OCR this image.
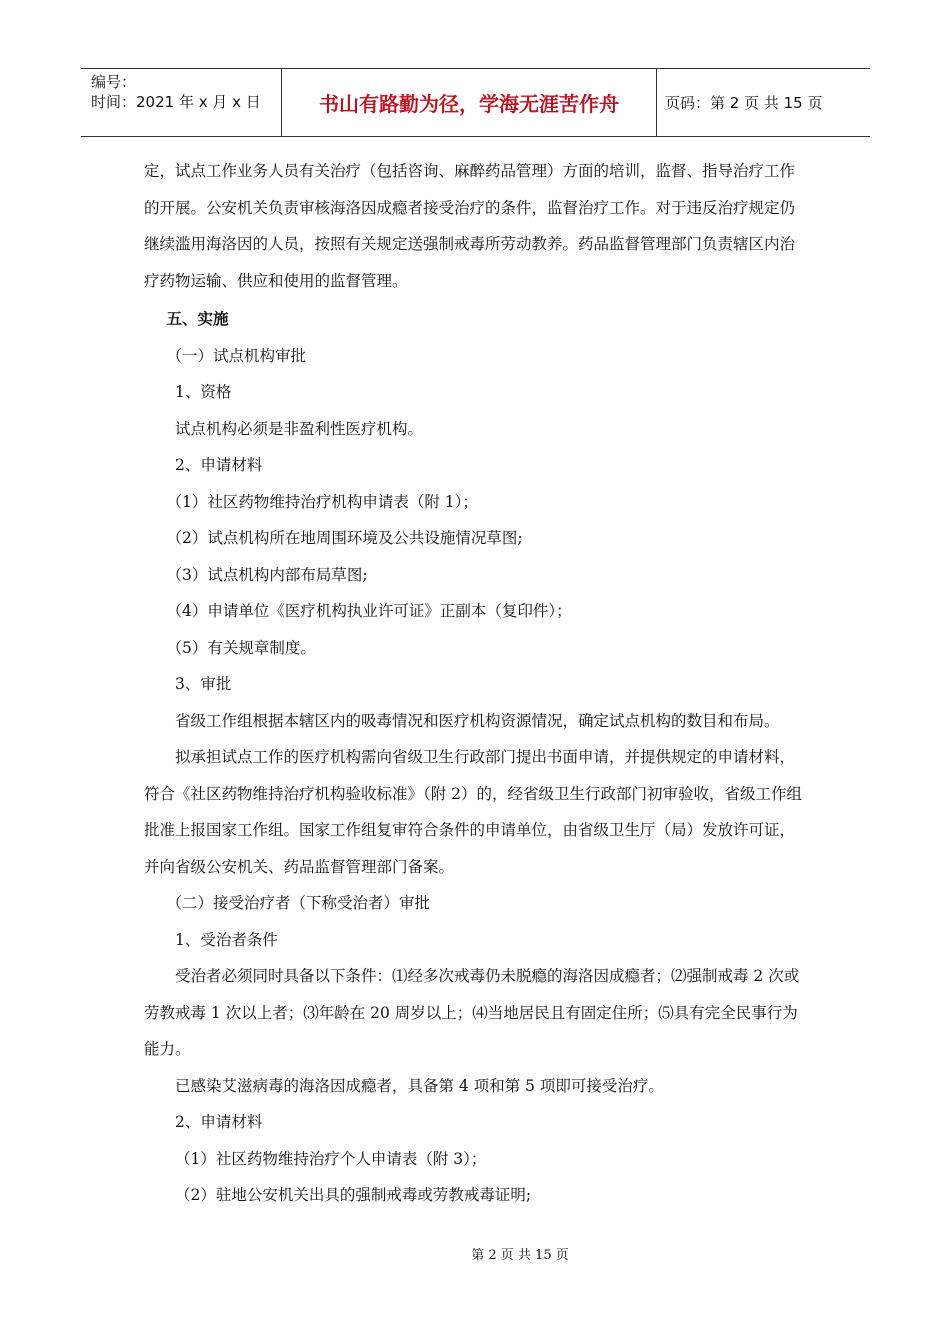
编号：
时间：2021 年 x 月 x 日	书山有路勤为径，学海无涯苦作舟	页码：第 2 页 共 15 页

定，试点工作业务人员有关治疗（包括咨询、麻醉药品管理）方面的培训，监督、指导治疗工作的开展。公安机关负责审核海洛因成瘾者接受治疗的条件，监督治疗工作。对于违反治疗规定仍继续滥用海洛因的人员，按照有关规定送强制戒毒所劳动教养。药品监督管理部门负责辖区内治疗药物运输、供应和使用的监督管理。

五、实施

（一）试点机构审批

1、资格

试点机构必须是非盈利性医疗机构。

2、申请材料

（1）社区药物维持治疗机构申请表（附 1）；

（2）试点机构所在地周围环境及公共设施情况草图;

（3）试点机构内部布局草图;

（4）申请单位《医疗机构执业许可证》正副本（复印件）；

（5）有关规章制度。

3、审批

省级工作组根据本辖区内的吸毒情况和医疗机构资源情况，确定试点机构的数目和布局。

拟承担试点工作的医疗机构需向省级卫生行政部门提出书面申请，并提供规定的申请材料，符合《社区药物维持治疗机构验收标准》（附 2）的，经省级卫生行政部门初审验收，省级工作组批准上报国家工作组。国家工作组复审符合条件的申请单位，由省级卫生厅（局）发放许可证，并向省级公安机关、药品监督管理部门备案。

（二）接受治疗者（下称受治者）审批

1、受治者条件

受治者必须同时具备以下条件：⑴经多次戒毒仍未脱瘾的海洛因成瘾者；⑵强制戒毒 2 次或劳教戒毒 1 次以上者；⑶年龄在 20 周岁以上；⑷当地居民且有固定住所；⑸具有完全民事行为能力。

已感染艾滋病毒的海洛因成瘾者，具备第 4 项和第 5 项即可接受治疗。

2、申请材料

（1）社区药物维持治疗个人申请表（附 3）；

（2）驻地公安机关出具的强制戒毒或劳教戒毒证明;

第 2 页 共 15 页
